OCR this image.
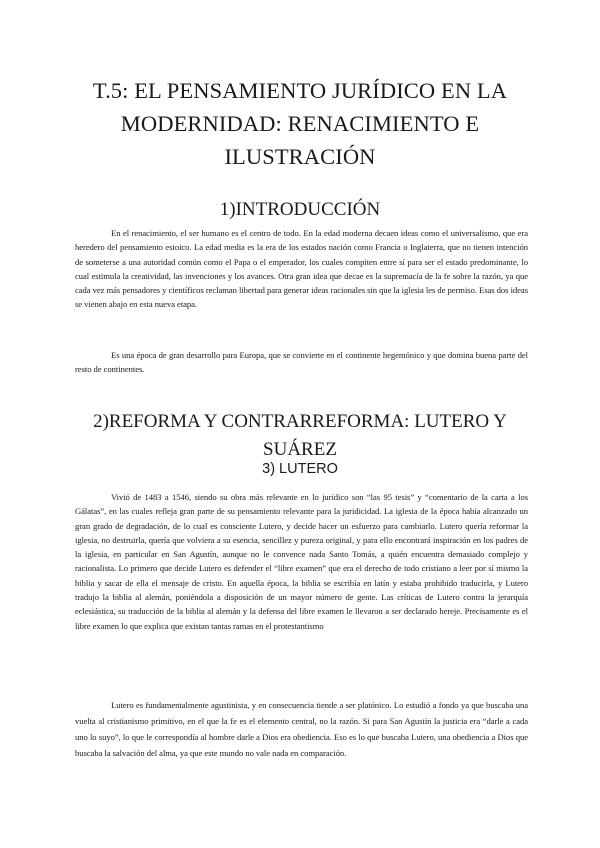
T.5: EL PENSAMIENTO JURÍDICO EN LA MODERNIDAD: RENACIMIENTO E ILUSTRACIÓN
1)INTRODUCCIÓN

En el renacimiento, el ser humano es el centro de todo. En la edad moderna decaen ideas como el universalismo, que era heredero del pensamiento estoico. La edad media es la era de los estados nación como Francia o Inglaterra, que no tienen intención de someterse a una autoridad común como el Papa o el emperador, los cuales compiten entre sí para ser el estado predominante, lo cual estimula la creatividad, las invenciones y los avances. Otra gran idea que decae es la supremacía de la fe sobre la razón, ya que cada vez más pensadores y científicos reclaman libertad para generar ideas racionales sin que la iglesia les de permiso. Esas dos ideas se vienen abajo en esta nueva etapa.

Es una época de gran desarrollo para Europa, que se convierte en el continente hegemónico y que domina buena parte del resto de continentes.

2)REFORMA Y CONTRARREFORMA: LUTERO Y SUÁREZ
3) LUTERO

Vivió de 1483 a 1546, siendo su obra más relevante en lo jurídico son “las 95 tesis” y “comentario de la carta a los Gálatas”, en las cuales refleja gran parte de su pensamiento relevante para la juridicidad. La iglesia de la época había alcanzado un gran grado de degradación, de lo cual es consciente Lutero, y decide hacer un esfuerzo para cambiarlo. Lutero quería reformar la iglesia, no destruirla, quería que volviera a su esencia, sencillez y pureza original, y para ello encontrará inspiración en los padres de la iglesia, en particular en San Agustín, aunque no le convence nada Santo Tomás, a quién encuentra demasiado complejo y racionalista. Lo primero que decide Lutero es defender el “libre examen” que era el derecho de todo cristiano a leer por sí mismo la biblia y sacar de ella el mensaje de cristo. En aquella época, la biblia se escribía en latín y estaba prohibido traducirla, y Lutero tradujo la biblia al alemán, poniéndola a disposición de un mayor número de gente. Las críticas de Lutero contra la jerarquía eclesiástica, su traducción de la biblia al alemán y la defensa del libre examen le llevaron a ser declarado hereje. Precisamente es el libre examen lo que explica que existan tantas ramas en el protestantismo

Lutero es fundamentalmente agustinista, y en consecuencia tiende a ser platónico. Lo estudió a fondo ya que buscaba una vuelta al cristianismo primitivo, en el que la fe es el elemento central, no la razón. Si para San Agustín la justicia era “darle a cada uno lo suyo”, lo que le correspondía al hombre darle a Dios era obediencia. Eso es lo que buscaba Lutero, una obediencia a Dios que buscaba la salvación del alma, ya que este mundo no vale nada en comparación.
